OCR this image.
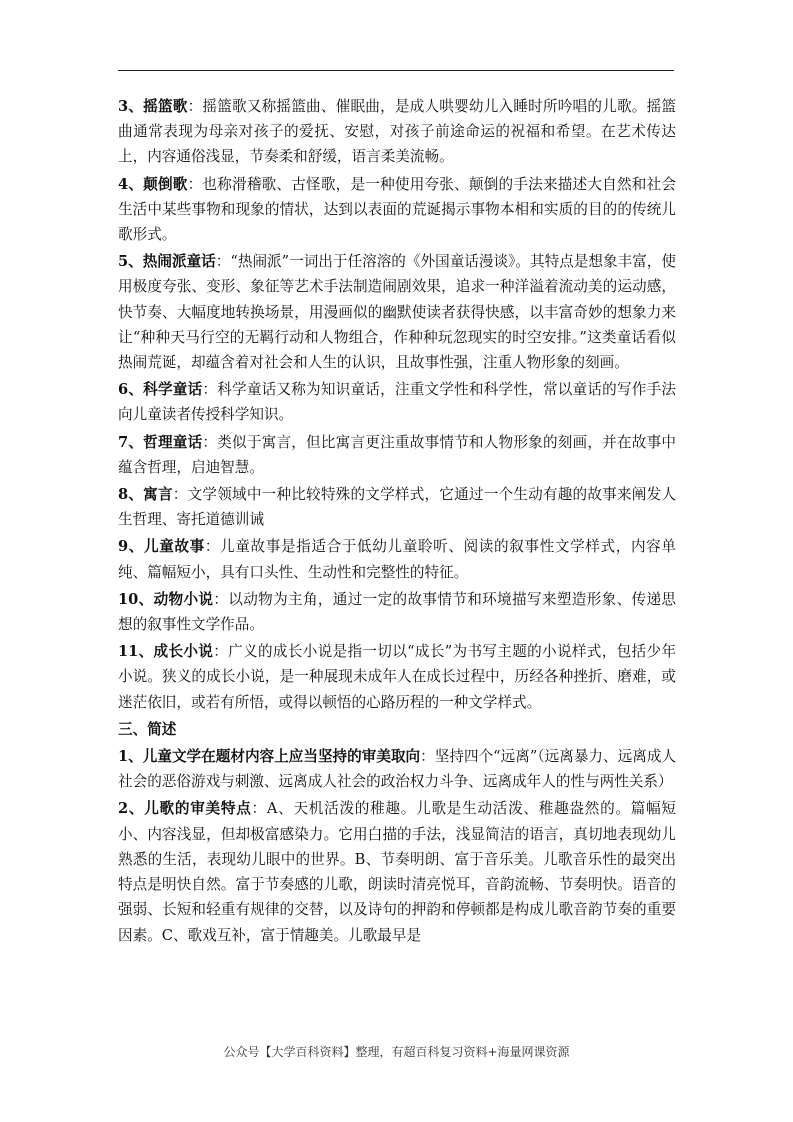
3、摇篮歌：摇篮歌又称摇篮曲、催眠曲，是成人哄婴幼儿入睡时所吟唱的儿歌。摇篮曲通常表现为母亲对孩子的爱抚、安慰，对孩子前途命运的祝福和希望。在艺术传达上，内容通俗浅显，节奏柔和舒缓，语言柔美流畅。

4、颠倒歌：也称滑稽歌、古怪歌，是一种使用夸张、颠倒的手法来描述大自然和社会生活中某些事物和现象的情状，达到以表面的荒诞揭示事物本相和实质的目的的传统儿歌形式。

5、热闹派童话：“热闹派”一词出于任溶溶的《外国童话漫谈》。其特点是想象丰富，使用极度夸张、变形、象征等艺术手法制造闹剧效果，追求一种洋溢着流动美的运动感，快节奏、大幅度地转换场景，用漫画似的幽默使读者获得快感，以丰富奇妙的想象力来让“种种天马行空的无羁行动和人物组合，作种种玩忽现实的时空安排。”这类童话看似热闹荒诞，却蕴含着对社会和人生的认识，且故事性强，注重人物形象的刻画。

6、科学童话：科学童话又称为知识童话，注重文学性和科学性，常以童话的写作手法向儿童读者传授科学知识。

7、哲理童话：类似于寓言，但比寓言更注重故事情节和人物形象的刻画，并在故事中蕴含哲理，启迪智慧。

8、寓言：文学领域中一种比较特殊的文学样式，它通过一个生动有趣的故事来阐发人生哲理、寄托道德训诫

9、儿童故事：儿童故事是指适合于低幼儿童聆听、阅读的叙事性文学样式，内容单纯、篇幅短小，具有口头性、生动性和完整性的特征。

10、动物小说：以动物为主角，通过一定的故事情节和环境描写来塑造形象、传递思想的叙事性文学作品。

11、成长小说：广义的成长小说是指一切以“成长”为书写主题的小说样式，包括少年小说。狭义的成长小说，是一种展现未成年人在成长过程中，历经各种挫折、磨难，或迷茫依旧，或若有所悟，或得以顿悟的心路历程的一种文学样式。

三、简述

1、儿童文学在题材内容上应当坚持的审美取向：坚持四个“远离”（远离暴力、远离成人社会的恶俗游戏与刺激、远离成人社会的政治权力斗争、远离成年人的性与两性关系）

2、儿歌的审美特点：A、天机活泼的稚趣。儿歌是生动活泼、稚趣盎然的。篇幅短小、内容浅显，但却极富感染力。它用白描的手法，浅显简洁的语言，真切地表现幼儿熟悉的生活，表现幼儿眼中的世界。B、节奏明朗、富于音乐美。儿歌音乐性的最突出特点是明快自然。富于节奏感的儿歌，朗读时清亮悦耳，音韵流畅、节奏明快。语音的强弱、长短和轻重有规律的交替，以及诗句的押韵和停顿都是构成儿歌音韵节奏的重要因素。C、歌戏互补，富于情趣美。儿歌最早是

公众号【大学百科资料】整理，有超百科复习资料+海量网课资源
